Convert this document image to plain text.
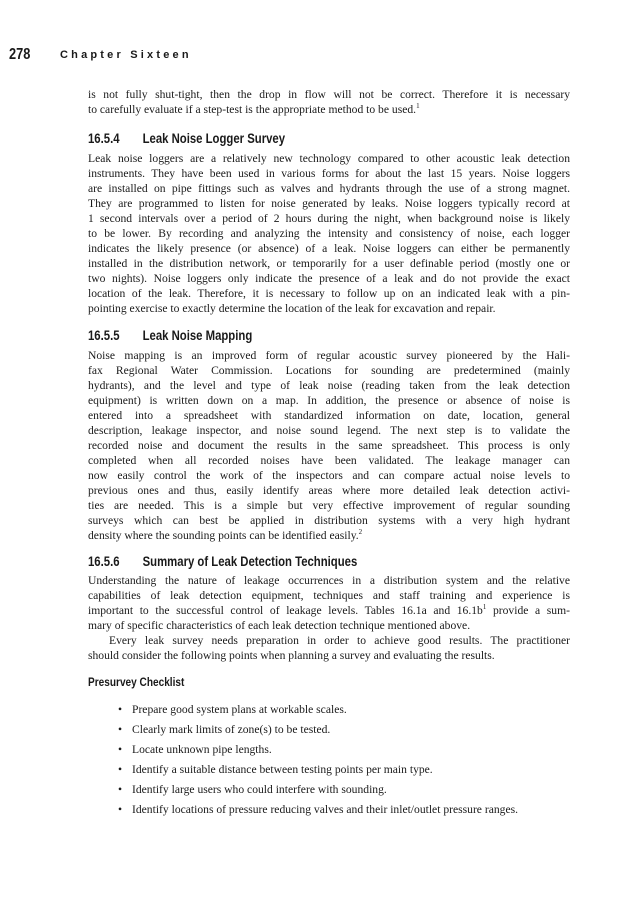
278	Chapter Sixteen
is not fully shut-tight, then the drop in flow will not be correct. Therefore it is necessary
to carefully evaluate if a step-test is the appropriate method to be used.$^1$
16.5.4 Leak Noise Logger Survey
Leak noise loggers are a relatively new technology compared to other acoustic leak detection
instruments. They have been used in various forms for about the last 15 years. Noise loggers
are installed on pipe fittings such as valves and hydrants through the use of a strong magnet.
They are programmed to listen for noise generated by leaks. Noise loggers typically record at
1 second intervals over a period of 2 hours during the night, when background noise is likely
to be lower. By recording and analyzing the intensity and consistency of noise, each logger
indicates the likely presence (or absence) of a leak. Noise loggers can either be permanently
installed in the distribution network, or temporarily for a user definable period (mostly one or
two nights). Noise loggers only indicate the presence of a leak and do not provide the exact
location of the leak. Therefore, it is necessary to follow up on an indicated leak with a pin-
pointing exercise to exactly determine the location of the leak for excavation and repair.
16.5.5 Leak Noise Mapping
Noise mapping is an improved form of regular acoustic survey pioneered by the Hali-
fax Regional Water Commission. Locations for sounding are predetermined (mainly
hydrants), and the level and type of leak noise (reading taken from the leak detection
equipment) is written down on a map. In addition, the presence or absence of noise is
entered into a spreadsheet with standardized information on date, location, general
description, leakage inspector, and noise sound legend. The next step is to validate the
recorded noise and document the results in the same spreadsheet. This process is only
completed when all recorded noises have been validated. The leakage manager can
now easily control the work of the inspectors and can compare actual noise levels to
previous ones and thus, easily identify areas where more detailed leak detection activi-
ties are needed. This is a simple but very effective improvement of regular sounding
surveys which can best be applied in distribution systems with a very high hydrant
density where the sounding points can be identified easily.$^2$
16.5.6 Summary of Leak Detection Techniques
Understanding the nature of leakage occurrences in a distribution system and the relative
capabilities of leak detection equipment, techniques and staff training and experience is
important to the successful control of leakage levels. Tables 16.1a and $16.1b^1$ provide a sum-
mary of specific characteristics of each leak detection technique mentioned above.
Every leak survey needs preparation in order to achieve good results. The practitioner
should consider the following points when planning a survey and evaluating the results.
Presurvey Checklist
• Prepare good system plans at workable scales.
• Clearly mark limits of zone(s) to be tested.
• Locate unknown pipe lengths.
• Identify a suitable distance between testing points per main type.
• Identify large users who could interfere with sounding.
• Identify locations of pressure reducing valves and their inlet/outlet pressure ranges.
